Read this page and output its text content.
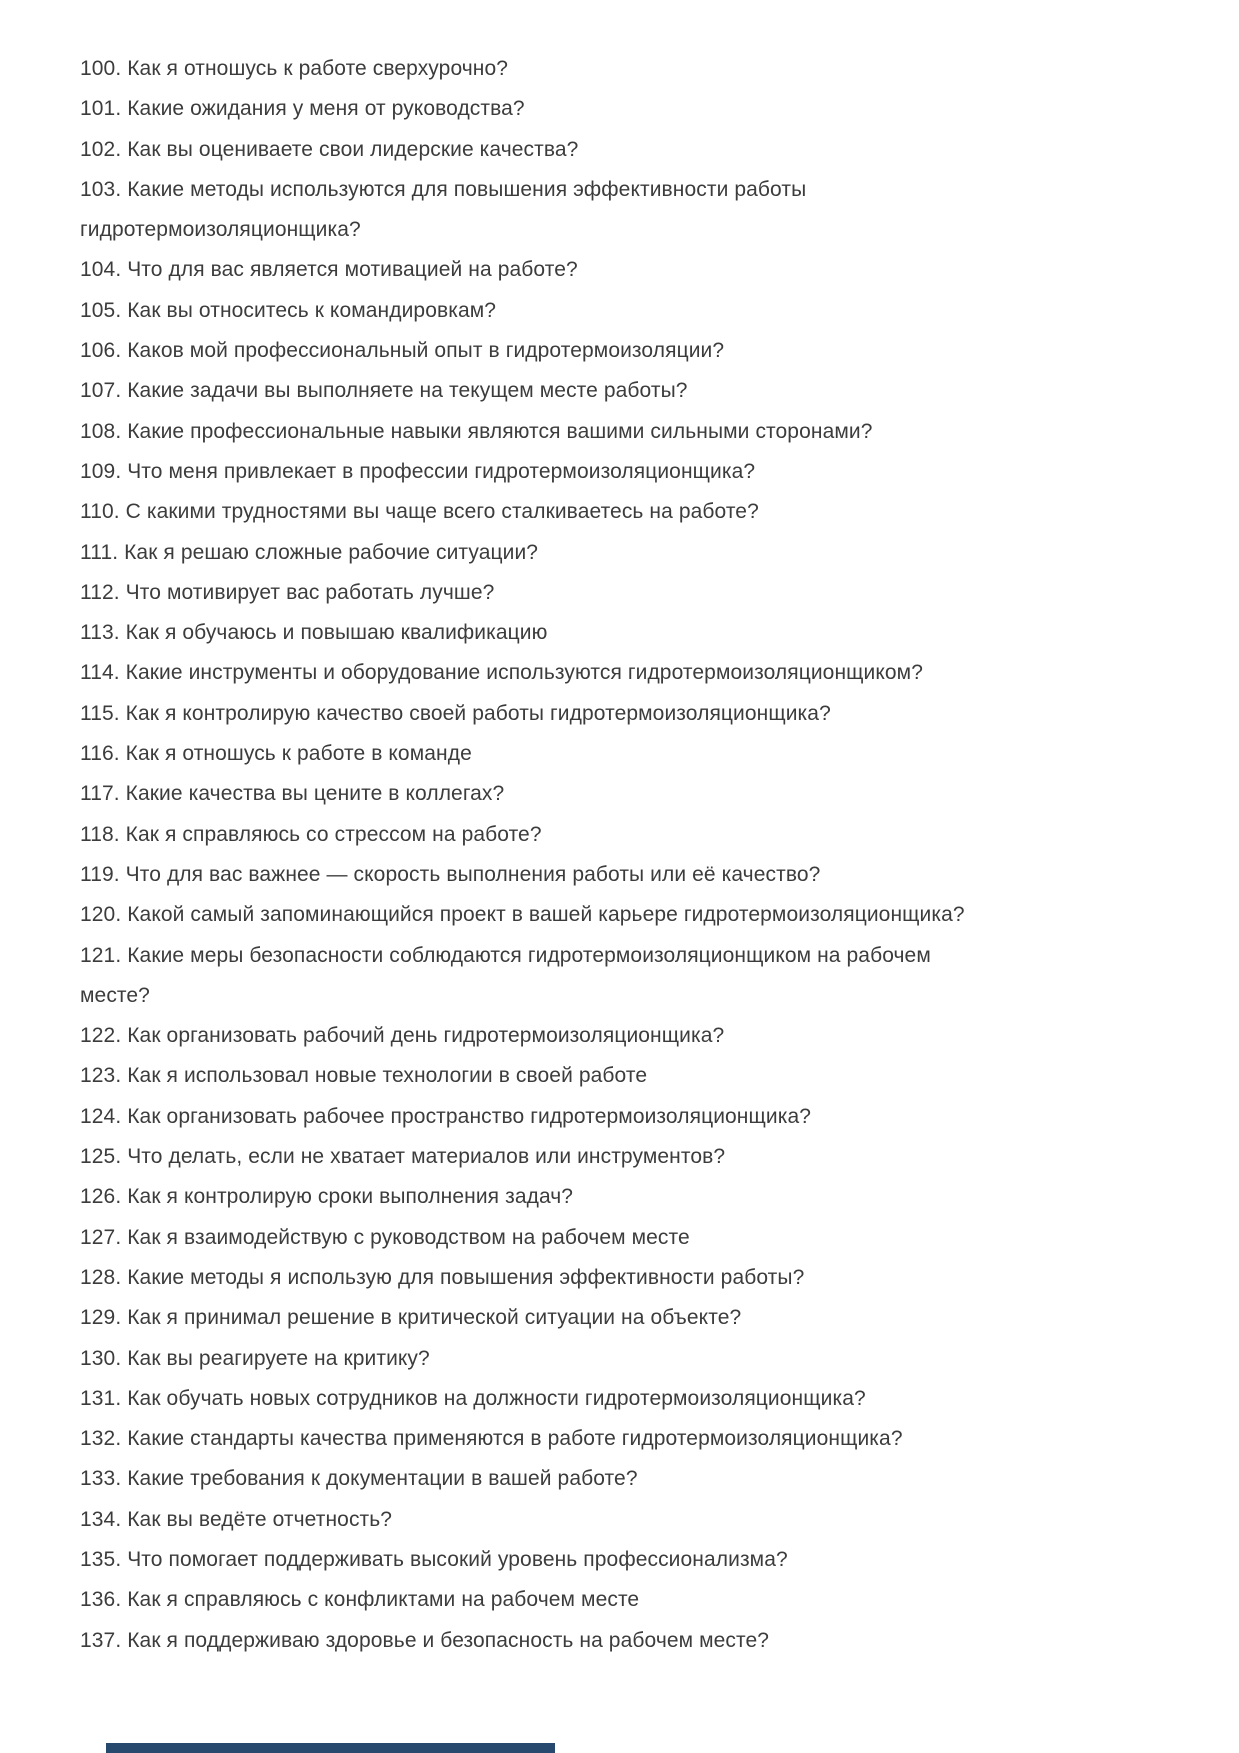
100. Как я отношусь к работе сверхурочно?

101. Какие ожидания у меня от руководства?

102. Как вы оцениваете свои лидерские качества?

103. Какие методы используются для повышения эффективности работы
гидротермоизоляционщика?

104. Что для вас является мотивацией на работе?

105. Как вы относитесь к командировкам?

106. Каков мой профессиональный опыт в гидротермоизоляции?

107. Какие задачи вы выполняете на текущем месте работы?

108. Какие профессиональные навыки являются вашими сильными сторонами?

109. Что меня привлекает в профессии гидротермоизоляционщика?

110. С какими трудностями вы чаще всего сталкиваетесь на работе?

111. Как я решаю сложные рабочие ситуации?

112. Что мотивирует вас работать лучше?

113. Как я обучаюсь и повышаю квалификацию

114. Какие инструменты и оборудование используются гидротермоизоляционщиком?

115. Как я контролирую качество своей работы гидротермоизоляционщика?

116. Как я отношусь к работе в команде

117. Какие качества вы цените в коллегах?

118. Как я справляюсь со стрессом на работе?

119. Что для вас важнее — скорость выполнения работы или её качество?

120. Какой самый запоминающийся проект в вашей карьере гидротермоизоляционщика?

121. Какие меры безопасности соблюдаются гидротермоизоляционщиком на рабочем
месте?

122. Как организовать рабочий день гидротермоизоляционщика?

123. Как я использовал новые технологии в своей работе

124. Как организовать рабочее пространство гидротермоизоляционщика?

125. Что делать, если не хватает материалов или инструментов?

126. Как я контролирую сроки выполнения задач?

127. Как я взаимодействую с руководством на рабочем месте

128. Какие методы я использую для повышения эффективности работы?

129. Как я принимал решение в критической ситуации на объекте?

130. Как вы реагируете на критику?

131. Как обучать новых сотрудников на должности гидротермоизоляционщика?

132. Какие стандарты качества применяются в работе гидротермоизоляционщика?

133. Какие требования к документации в вашей работе?

134. Как вы ведёте отчетность?

135. Что помогает поддерживать высокий уровень профессионализма?

136. Как я справляюсь с конфликтами на рабочем месте

137. Как я поддерживаю здоровье и безопасность на рабочем месте?
